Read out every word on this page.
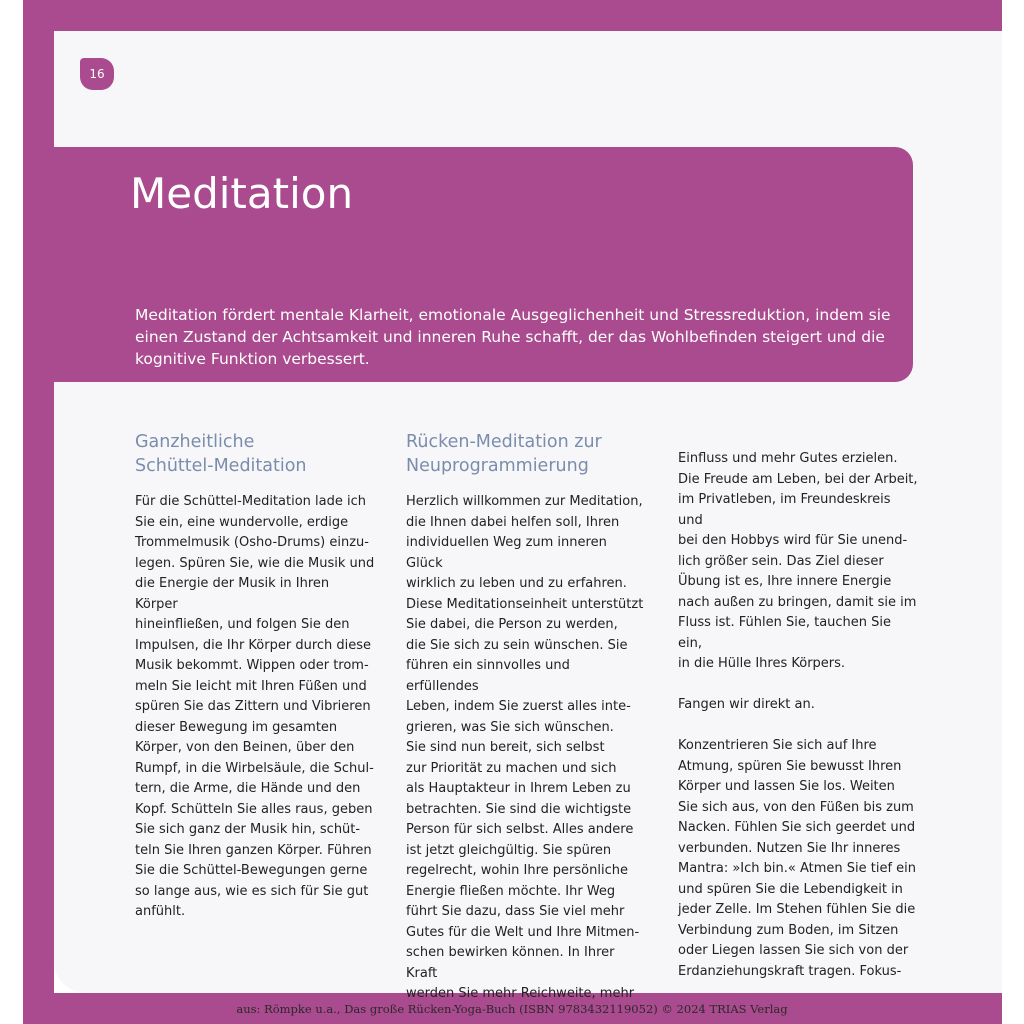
16
Meditation

Meditation fördert mentale Klarheit, emotionale Ausgeglichenheit und Stressreduktion, indem sie einen Zustand der Achtsamkeit und inneren Ruhe schafft, der das Wohlbefinden steigert und die kognitive Funktion verbessert.

Ganzheitliche
Schüttel-Meditation

Für die Schüttel-Meditation lade ich
Sie ein, eine wundervolle, erdige
Trommelmusik (Osho-Drums) einzu-
legen. Spüren Sie, wie die Musik und
die Energie der Musik in Ihren Körper
hineinfließen, und folgen Sie den
Impulsen, die Ihr Körper durch diese
Musik bekommt. Wippen oder trom-
meln Sie leicht mit Ihren Füßen und
spüren Sie das Zittern und Vibrieren
dieser Bewegung im gesamten
Körper, von den Beinen, über den
Rumpf, in die Wirbelsäule, die Schul-
tern, die Arme, die Hände und den
Kopf. Schütteln Sie alles raus, geben
Sie sich ganz der Musik hin, schüt-
teln Sie Ihren ganzen Körper. Führen
Sie die Schüttel-Bewegungen gerne
so lange aus, wie es sich für Sie gut
anfühlt.

Rücken-Meditation zur
Neuprogrammierung

Herzlich willkommen zur Meditation,
die Ihnen dabei helfen soll, Ihren
individuellen Weg zum inneren Glück
wirklich zu leben und zu erfahren.
Diese Meditationseinheit unterstützt
Sie dabei, die Person zu werden,
die Sie sich zu sein wünschen. Sie
führen ein sinnvolles und erfüllendes
Leben, indem Sie zuerst alles inte-
grieren, was Sie sich wünschen.
Sie sind nun bereit, sich selbst
zur Priorität zu machen und sich
als Hauptakteur in Ihrem Leben zu
betrachten. Sie sind die wichtigste
Person für sich selbst. Alles andere
ist jetzt gleichgültig. Sie spüren
regelrecht, wohin Ihre persönliche
Energie fließen möchte. Ihr Weg
führt Sie dazu, dass Sie viel mehr
Gutes für die Welt und Ihre Mitmen-
schen bewirken können. In Ihrer Kraft
werden Sie mehr Reichweite, mehr

Einfluss und mehr Gutes erzielen.
Die Freude am Leben, bei der Arbeit,
im Privatleben, im Freundeskreis und
bei den Hobbys wird für Sie unend-
lich größer sein. Das Ziel dieser
Übung ist es, Ihre innere Energie
nach außen zu bringen, damit sie im
Fluss ist. Fühlen Sie, tauchen Sie ein,
in die Hülle Ihres Körpers.

Fangen wir direkt an.

Konzentrieren Sie sich auf Ihre
Atmung, spüren Sie bewusst Ihren
Körper und lassen Sie los. Weiten
Sie sich aus, von den Füßen bis zum
Nacken. Fühlen Sie sich geerdet und
verbunden. Nutzen Sie Ihr inneres
Mantra: »Ich bin.« Atmen Sie tief ein
und spüren Sie die Lebendigkeit in
jeder Zelle. Im Stehen fühlen Sie die
Verbindung zum Boden, im Sitzen
oder Liegen lassen Sie sich von der
Erdanziehungskraft tragen. Fokus-

aus: Römpke u.a., Das große Rücken-Yoga-Buch (ISBN 9783432119052) © 2024 TRIAS Verlag
